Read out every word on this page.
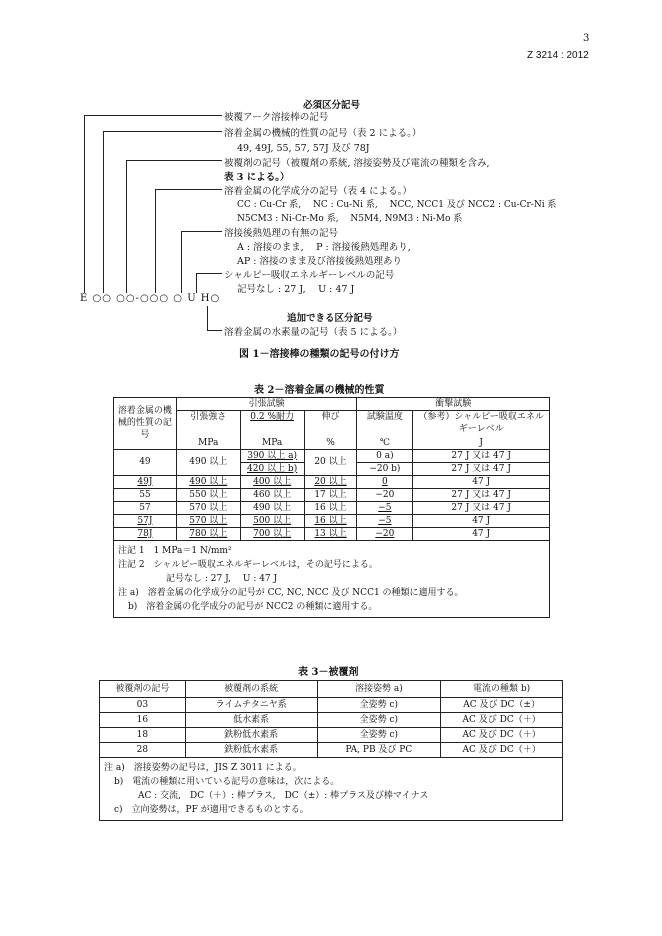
3
Z 3214 : 2012
必須区分記号
被覆アーク溶接棒の記号
溶着金属の機械的性質の記号（表 2 による。）
49, 49J, 55, 57, 57J 及び 78J
被覆剤の記号（被覆剤の系統, 溶接姿勢及び電流の種類を含み,
表 3 による。）
溶着金属の化学成分の記号（表 4 による。）
CC : Cu-Cr 系,　 NC : Cu-Ni 系,　 NCC, NCC1 及び NCC2 : Cu-Cr-Ni 系
N5CM3 : Ni-Cr-Mo 系,　 N5M4, N9M3 : Ni-Mo 系
溶接後熱処理の有無の記号
A : 溶接のまま,　 P : 溶接後熱処理あり,
AP : 溶接のまま及び溶接後熱処理あり
シャルピー吸収エネルギーレベルの記号
記号なし : 27 J,　 U : 47 J
E ○○ ○○-○○○ ○ U H○
追加できる区分記号
溶着金属の水素量の記号（表 5 による。）
図 1－溶接棒の種類の記号の付け方
表 2－溶着金属の機械的性質
溶着金属の機械的性質の記号	引張試験			衝撃試験	
	引張強さ	0.2 %耐力	伸び	試験温度	（参考）シャルピー吸収エネルギーレベル
	MPa	MPa	%	℃	J
49	490 以上	390 以上 a)	20 以上	0 a)	27 J 又は 47 J
		420 以上 b)		−20 b)	27 J 又は 47 J
49J	490 以上	400 以上	20 以上	0	47 J
55	550 以上	460 以上	17 以上	−20	27 J 又は 47 J
57	570 以上	490 以上	16 以上	−5	27 J 又は 47 J
57J	570 以上	500 以上	16 以上	−5	47 J
78J	780 以上	700 以上	13 以上	−20	47 J

注記 1　1 MPa＝1 N/mm²
注記 2　シャルピー吸収エネルギーレベルは，その記号による。
記号なし : 27 J,　 U : 47 J
注 a)　溶着金属の化学成分の記号が CC, NC, NCC 及び NCC1 の種類に適用する。
b)　溶着金属の化学成分の記号が NCC2 の種類に適用する。					
表 3－被覆剤
被覆剤の記号	被覆剤の系統	溶接姿勢 a)	電流の種類 b)
03	ライムチタニヤ系	全姿勢 c)	AC 及び DC（±）
16	低水素系	全姿勢 c)	AC 及び DC（＋）
18	鉄粉低水素系	全姿勢 c)	AC 及び DC（＋）
28	鉄粉低水素系	PA, PB 及び PC	AC 及び DC（＋）

注 a)　溶接姿勢の記号は，JIS Z 3011 による。
b)　電流の種類に用いている記号の意味は，次による。
AC : 交流,　DC（＋）: 棒プラス,　DC（±）: 棒プラス及び棒マイナス
c)　立向姿勢は，PF が適用できるものとする。			
